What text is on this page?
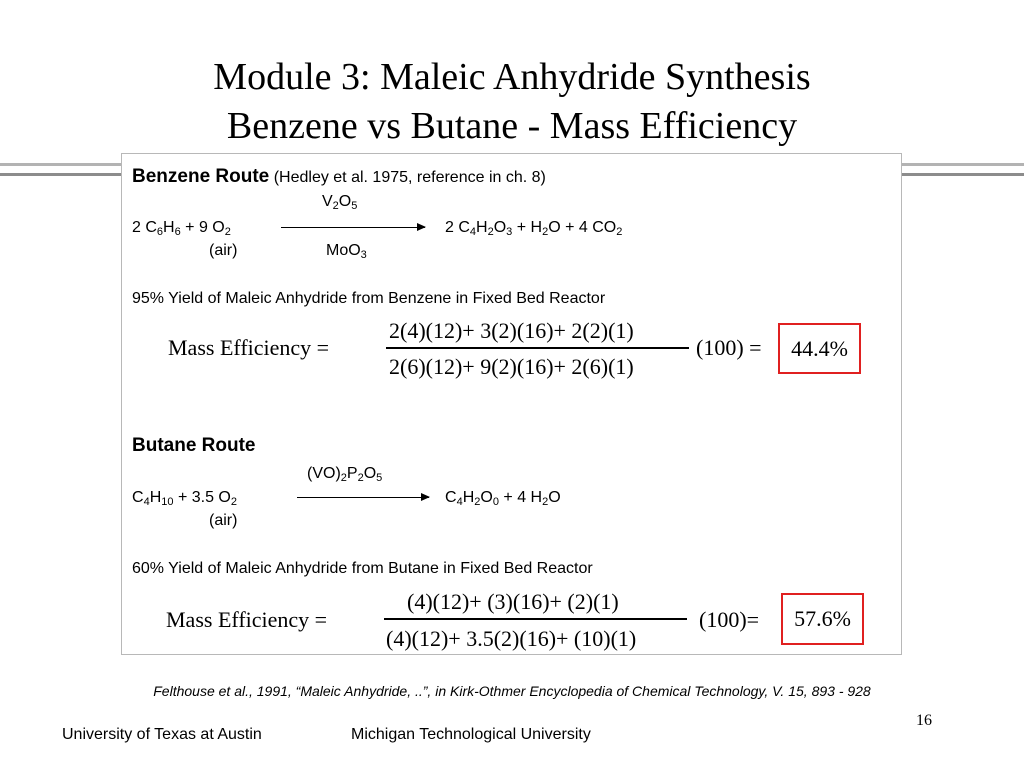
Module 3: Maleic Anhydride Synthesis
Benzene vs Butane - Mass Efficiency
Benzene Route (Hedley et al. 1975, reference in ch. 8)
$V_2O_5$
2 $C_6H_6 + 9$ $O_2$	2 $C_4H_2O_3 + H_2O + 4$ $CO_2$
(air)	MoO$_3$
95% Yield of Maleic Anhydride from Benzene in Fixed Bed Reactor
Mass Efficiency =
2(4)(12)+ 3(2)(16)+ 2(2)(1)
2(6)(12)+ 9(2)(16)+ 2(6)(1)
(100) = 44.4%
Butane Route
$(VO)_2P_2O_5$
$C_4H_{10} + 3.5$ $O_2$	$C_4H_2O_0 + 4$ $H_2O$
(air)
60% Yield of Maleic Anhydride from Butane in Fixed Bed Reactor
Mass Efficiency =
(4)(12)+ (3)(16)+ (2)(1)
(4)(12)+ 3.5(2)(16)+ (10)(1)
(100)= 57.6%
Felthouse et al., 1991, “Maleic Anhydride, ..”, in Kirk-Othmer Encyclopedia of Chemical Technology, V. 15, 893 - 928
16
University of Texas at Austin	Michigan Technological University
